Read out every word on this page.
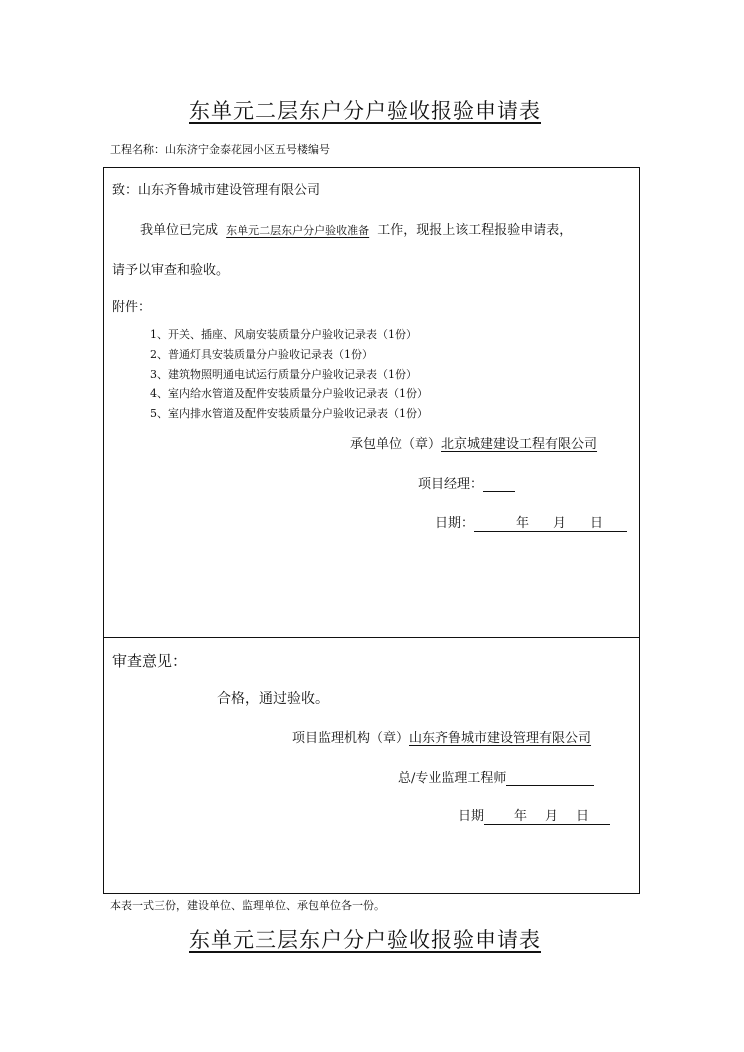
东单元二层东户分户验收报验申请表
工程名称：山东济宁金泰花园小区五号楼编号
致：山东齐鲁城市建设管理有限公司
我单位已完成 东单元二层东户分户验收准备 工作，现报上该工程报验申请表，
请予以审查和验收。
附件：
1、开关、插座、风扇安装质量分户验收记录表（1份）
2、普通灯具安装质量分户验收记录表（1份）
3、建筑物照明通电试运行质量分户验收记录表（1份）
4、室内给水管道及配件安装质量分户验收记录表（1份）
5、室内排水管道及配件安装质量分户验收记录表（1份）
承包单位（章）北京城建建设工程有限公司
项目经理：
日期：	年 月 日
审查意见：
合格，通过验收。
项目监理机构（章）山东齐鲁城市建设管理有限公司
总/专业监理工程师
日期 年 月 日
本表一式三份，建设单位、监理单位、承包单位各一份。
东单元三层东户分户验收报验申请表
